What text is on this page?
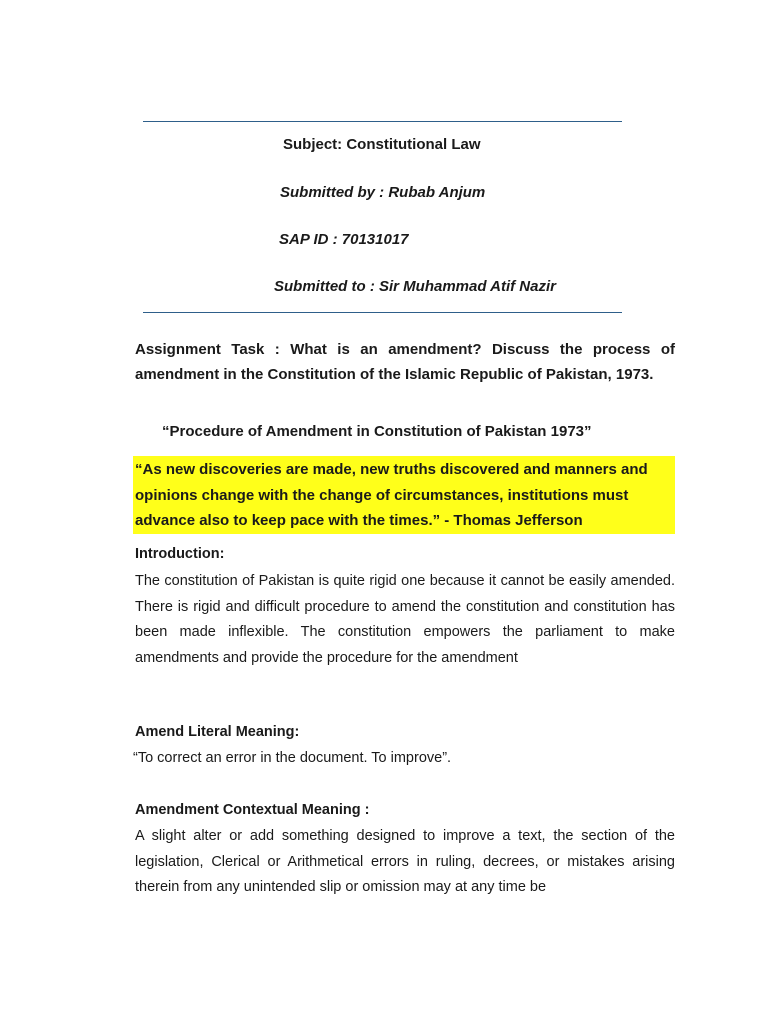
Subject: Constitutional Law
Submitted by : Rubab Anjum
SAP ID : 70131017
Submitted to : Sir Muhammad Atif Nazir
Assignment Task : What is an amendment? Discuss the process of amendment in the Constitution of the Islamic Republic of Pakistan, 1973.
“Procedure of Amendment in Constitution of Pakistan 1973”
“As new discoveries are made, new truths discovered and manners and
opinions change with the change of circumstances, institutions must
advance also to keep pace with the times.” - Thomas Jefferson
Introduction:
The constitution of Pakistan is quite rigid one because it cannot be easily amended. There is rigid and difficult procedure to amend the constitution and constitution has been made inflexible. The constitution empowers the parliament to make amendments and provide the procedure for the amendment
Amend Literal Meaning:
“To correct an error in the document. To improve”.
Amendment Contextual Meaning :
A slight alter or add something designed to improve a text, the section of the legislation, Clerical or Arithmetical errors in ruling, decrees, or mistakes arising therein from any unintended slip or omission may at any time be
